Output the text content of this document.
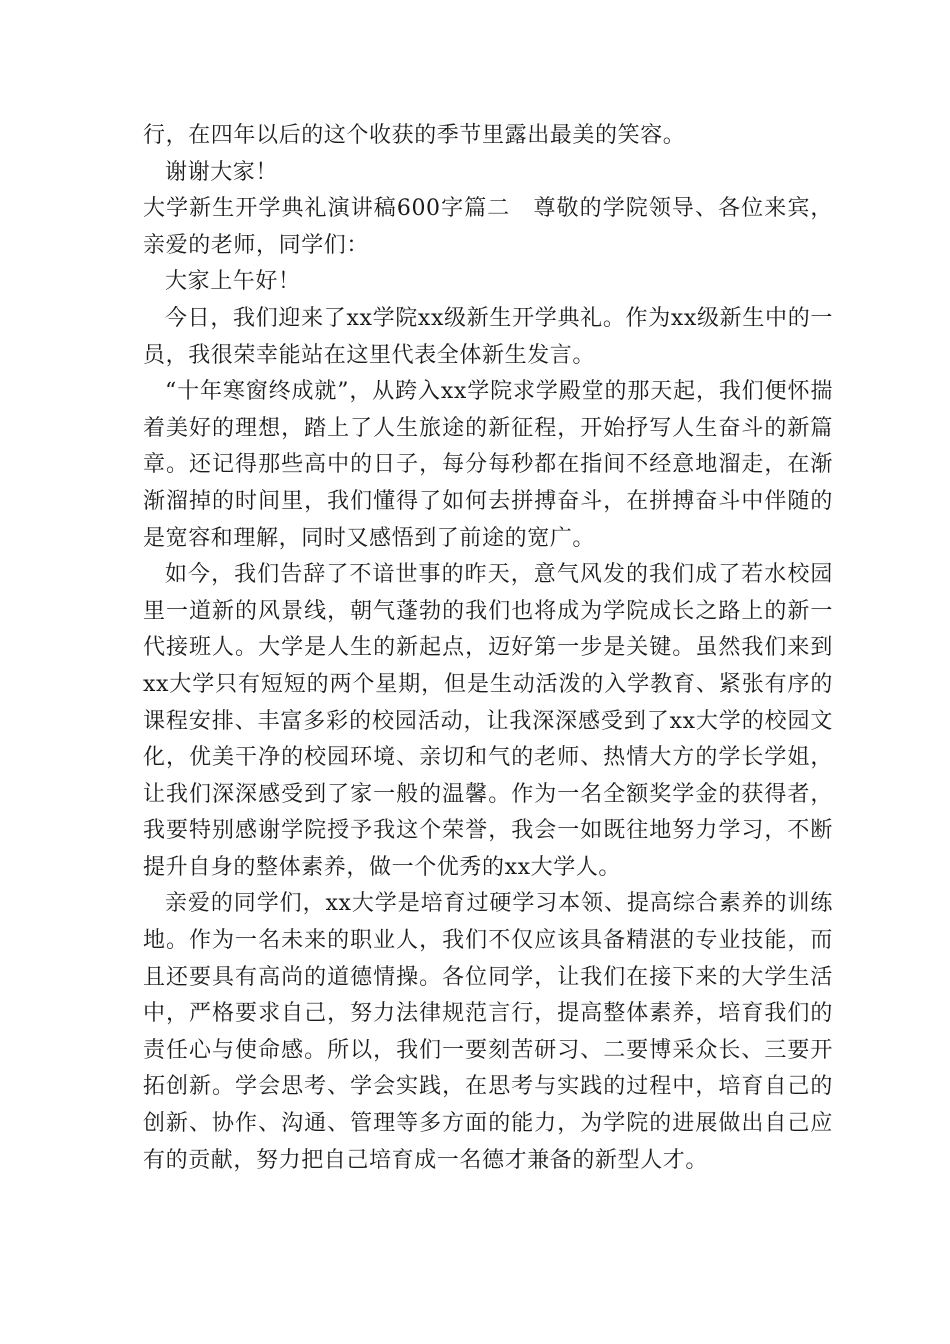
行，在四年以后的这个收获的季节里露出最美的笑容。

谢谢大家！

大学新生开学典礼演讲稿600字篇二　尊敬的学院领导、各位来宾，亲爱的老师，同学们：

大家上午好！

今日，我们迎来了xx学院xx级新生开学典礼。作为xx级新生中的一员，我很荣幸能站在这里代表全体新生发言。

“十年寒窗终成就”，从跨入xx学院求学殿堂的那天起，我们便怀揣着美好的理想，踏上了人生旅途的新征程，开始抒写人生奋斗的新篇章。还记得那些高中的日子，每分每秒都在指间不经意地溜走，在渐渐溜掉的时间里，我们懂得了如何去拼搏奋斗，在拼搏奋斗中伴随的是宽容和理解，同时又感悟到了前途的宽广。

如今，我们告辞了不谙世事的昨天，意气风发的我们成了若水校园里一道新的风景线，朝气蓬勃的我们也将成为学院成长之路上的新一代接班人。大学是人生的新起点，迈好第一步是关键。虽然我们来到xx大学只有短短的两个星期，但是生动活泼的入学教育、紧张有序的课程安排、丰富多彩的校园活动，让我深深感受到了xx大学的校园文化，优美干净的校园环境、亲切和气的老师、热情大方的学长学姐，让我们深深感受到了家一般的温馨。作为一名全额奖学金的获得者，我要特别感谢学院授予我这个荣誉，我会一如既往地努力学习，不断提升自身的整体素养，做一个优秀的xx大学人。

亲爱的同学们，xx大学是培育过硬学习本领、提高综合素养的训练地。作为一名未来的职业人，我们不仅应该具备精湛的专业技能，而且还要具有高尚的道德情操。各位同学，让我们在接下来的大学生活中，严格要求自己，努力法律规范言行，提高整体素养，培育我们的责任心与使命感。所以，我们一要刻苦研习、二要博采众长、三要开拓创新。学会思考、学会实践，在思考与实践的过程中，培育自己的创新、协作、沟通、管理等多方面的能力，为学院的进展做出自己应有的贡献，努力把自己培育成一名德才兼备的新型人才。
